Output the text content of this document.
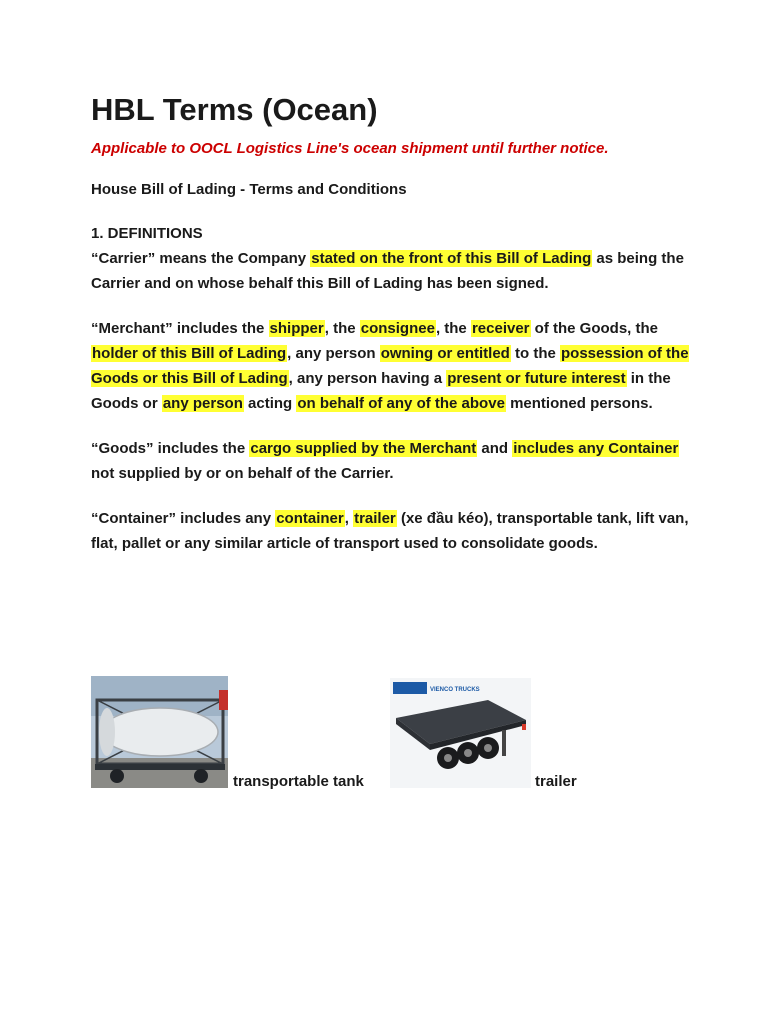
HBL Terms (Ocean)
Applicable to OOCL Logistics Line's ocean shipment until further notice.
House Bill of Lading - Terms and Conditions
1. DEFINITIONS

“Carrier” means the Company stated on the front of this Bill of Lading as being the Carrier and on whose behalf this Bill of Lading has been signed.

“Merchant” includes the shipper, the consignee, the receiver of the Goods, the holder of this Bill of Lading, any person owning or entitled to the possession of the Goods or this Bill of Lading, any person having a present or future interest in the Goods or any person acting on behalf of any of the above mentioned persons.

“Goods” includes the cargo supplied by the Merchant and includes any Container not supplied by or on behalf of the Carrier.

“Container” includes any container, trailer (xe đầu kéo), transportable tank, lift van, flat, pallet or any similar article of transport used to consolidate goods.

transportable tank
VIENCO TRUCKS
trailer
